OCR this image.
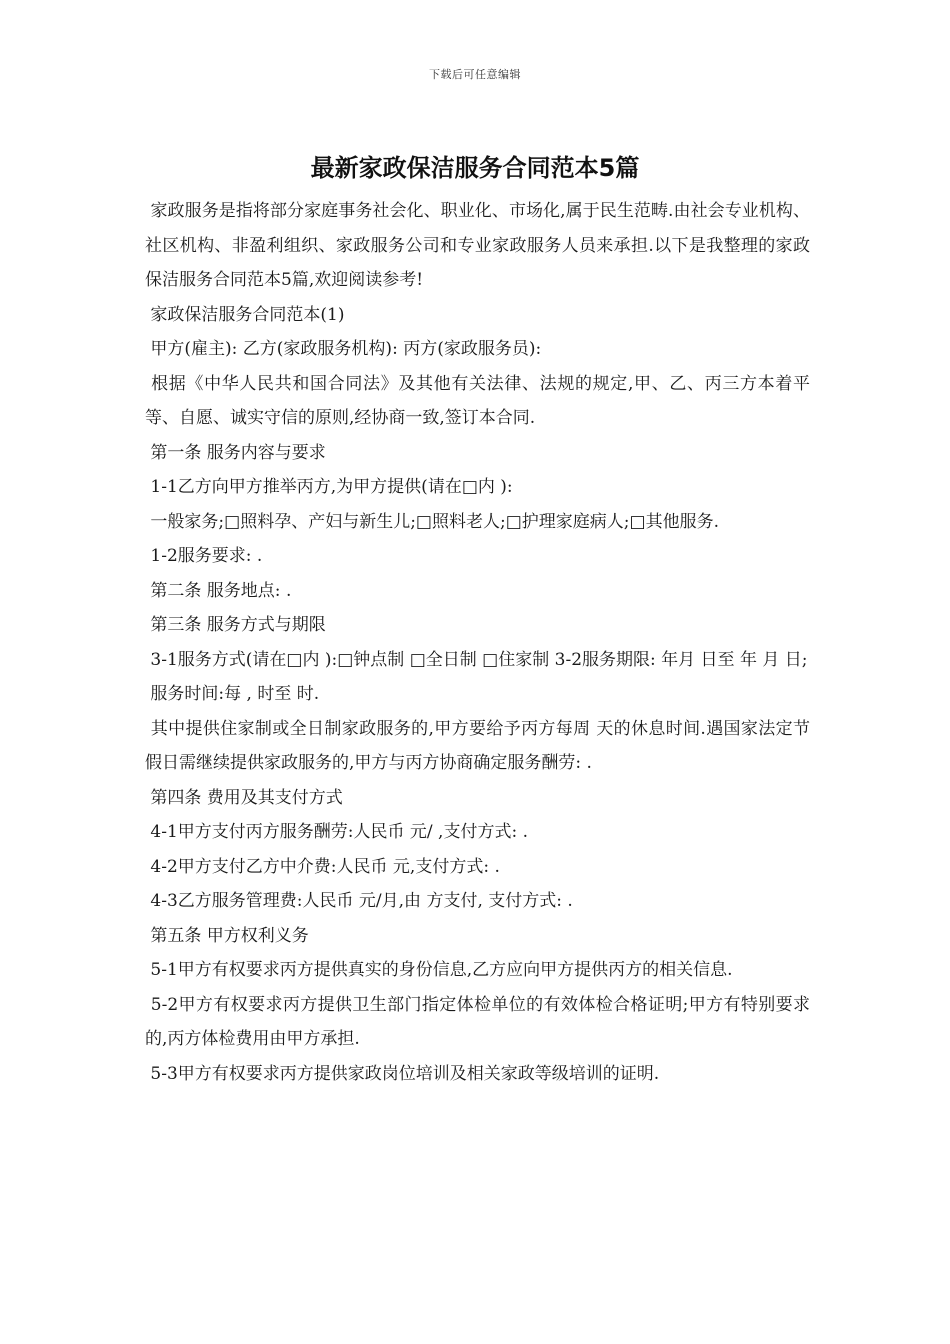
下载后可任意编辑
最新家政保洁服务合同范本5篇

家政服务是指将部分家庭事务社会化、职业化、市场化,属于民生范畴.由社会专业机构、社区机构、非盈利组织、家政服务公司和专业家政服务人员来承担.以下是我整理的家政保洁服务合同范本5篇,欢迎阅读参考!

家政保洁服务合同范本(1)

甲方(雇主): 乙方(家政服务机构): 丙方(家政服务员):

根据《中华人民共和国合同法》及其他有关法律、法规的规定,甲、乙、丙三方本着平等、自愿、诚实守信的原则,经协商一致,签订本合同.

第一条 服务内容与要求

1-1乙方向甲方推举丙方,为甲方提供(请在□内 ):

一般家务;□照料孕、产妇与新生儿;□照料老人;□护理家庭病人;□其他服务.

1-2服务要求: .

第二条 服务地点: .

第三条 服务方式与期限

3-1服务方式(请在□内 ):□钟点制 □全日制 □住家制 3-2服务期限: 年月 日至 年 月 日;

服务时间:每 , 时至 时.

其中提供住家制或全日制家政服务的,甲方要给予丙方每周 天的休息时间.遇国家法定节假日需继续提供家政服务的,甲方与丙方协商确定服务酬劳: .

第四条 费用及其支付方式

4-1甲方支付丙方服务酬劳:人民币 元/ ,支付方式: .

4-2甲方支付乙方中介费:人民币 元,支付方式: .

4-3乙方服务管理费:人民币 元/月,由 方支付, 支付方式: .

第五条 甲方权利义务

5-1甲方有权要求丙方提供真实的身份信息,乙方应向甲方提供丙方的相关信息.

5-2甲方有权要求丙方提供卫生部门指定体检单位的有效体检合格证明;甲方有特别要求的,丙方体检费用由甲方承担.

5-3甲方有权要求丙方提供家政岗位培训及相关家政等级培训的证明.
